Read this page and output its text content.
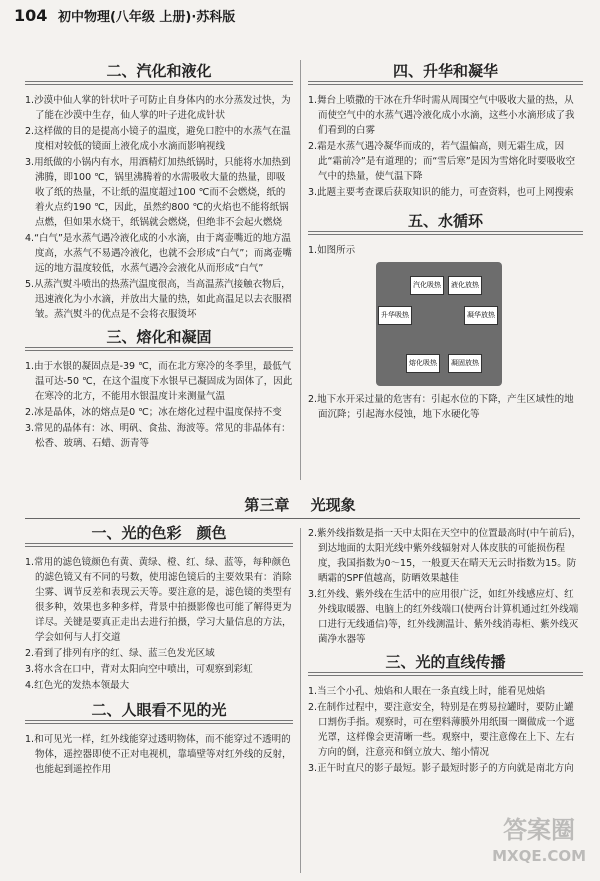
104 初中物理(八年级 上册)·苏科版
二、汽化和液化

1.沙漠中仙人掌的针状叶子可防止自身体内的水分蒸发过快，为了能在沙漠中生存，仙人掌的叶子进化成针状

2.这样做的目的是提高小镜子的温度，避免口腔中的水蒸气在温度相对较低的镜面上液化成小水滴而影响视线

3.用纸做的小锅内有水，用酒精灯加热纸锅时，只能将水加热到沸腾，即100 ℃，锅里沸腾着的水需吸收大量的热量，即吸收了纸的热量，不让纸的温度超过100 ℃而不会燃烧，纸的着火点约190 ℃，因此，虽然约800 ℃的火焰也不能将纸锅点燃，但如果水烧干，纸锅就会燃烧，但绝非不会起火燃烧

4.“白气”是水蒸气遇冷液化成的小水滴，由于离壶嘴近的地方温度高，水蒸气不易遇冷液化，也就不会形成“白气”；而离壶嘴远的地方温度较低，水蒸气遇冷会液化从而形成“白气”

5.从蒸汽熨斗喷出的热蒸汽温度很高，当高温蒸汽接触衣物后，迅速液化为小水滴，并放出大量的热，如此高温足以去衣服褶皱。蒸汽熨斗的优点是不会将衣服烫坏

三、熔化和凝固

1.由于水银的凝固点是-39 ℃，而在北方寒冷的冬季里，最低气温可达-50 ℃，在这个温度下水银早已凝固成为固体了，因此在寒冷的北方，不能用水银温度计来测量气温

2.冰是晶体，冰的熔点是0 ℃；冰在熔化过程中温度保持不变

3.常见的晶体有：冰、明矾、食盐、海波等。常见的非晶体有：松香、玻璃、石蜡、沥青等

四、升华和凝华

1.舞台上喷撒的干冰在升华时需从周围空气中吸收大量的热，从而使空气中的水蒸气遇冷液化成小水滴，这些小水滴形成了我们看到的白雾

2.霜是水蒸气遇冷凝华而成的，若气温偏高，则无霜生成，因此“霜前冷”是有道理的；而“雪后寒”是因为雪熔化时要吸收空气中的热量，使气温下降

3.此题主要考查课后获取知识的能力，可查资料，也可上网搜索

五、水循环

1.如图所示

汽化吸热	液化放热
升华吸热	凝华放热
熔化吸热	凝固放热

2.地下水开采过量的危害有：引起水位的下降，产生区域性的地面沉降；引起海水侵蚀，地下水硬化等

第三章 光现象
一、光的色彩　颜色

1.常用的滤色镜颜色有黄、黄绿、橙、红、绿、蓝等，每种颜色的滤色镜又有不同的号数，使用滤色镜后的主要效果有：消除尘雾、调节反差和表现云天等。要注意的是，滤色镜的类型有很多种，效果也多种多样，背景中拍摄影像也可能了解得更为详尽。关键是要真正走出去进行拍摄，学习大量信息的方法，学会如何与人打交道

2.看到了排列有序的红、绿、蓝三色发光区域

3.将水含在口中，背对太阳向空中喷出，可观察到彩虹

4.红色光的发热本领最大

二、人眼看不见的光

1.和可见光一样，红外线能穿过透明物体，而不能穿过不透明的物体，遥控器即使不正对电视机，靠墙壁等对红外线的反射，也能起到遥控作用

2.紫外线指数是指一天中太阳在天空中的位置最高时(中午前后)，到达地面的太阳光线中紫外线辐射对人体皮肤的可能损伤程度，我国指数为0～15，一般夏天在晴天无云时指数为15。防晒霜的SPF值越高，防晒效果越佳

3.红外线、紫外线在生活中的应用很广泛，如红外线感应灯、红外线取暖器、电脑上的红外线端口(使两台计算机通过红外线端口进行无线通信)等，红外线测温计、紫外线消毒柜、紫外线灭菌净水器等

三、光的直线传播

1.当三个小孔、烛焰和人眼在一条直线上时，能看见烛焰

2.在制作过程中，要注意安全，特别是在剪易拉罐时，要防止罐口割伤手指。观察时，可在塑料薄膜外用纸围一圈做成一个遮光罩，这样像会更清晰一些。观察中，要注意像在上下、左右方向的倒，注意亮和倒立放大、缩小情况

3.正午时直尺的影子最短。影子最短时影子的方向就是南北方向

答案圈
MXQE.COM
